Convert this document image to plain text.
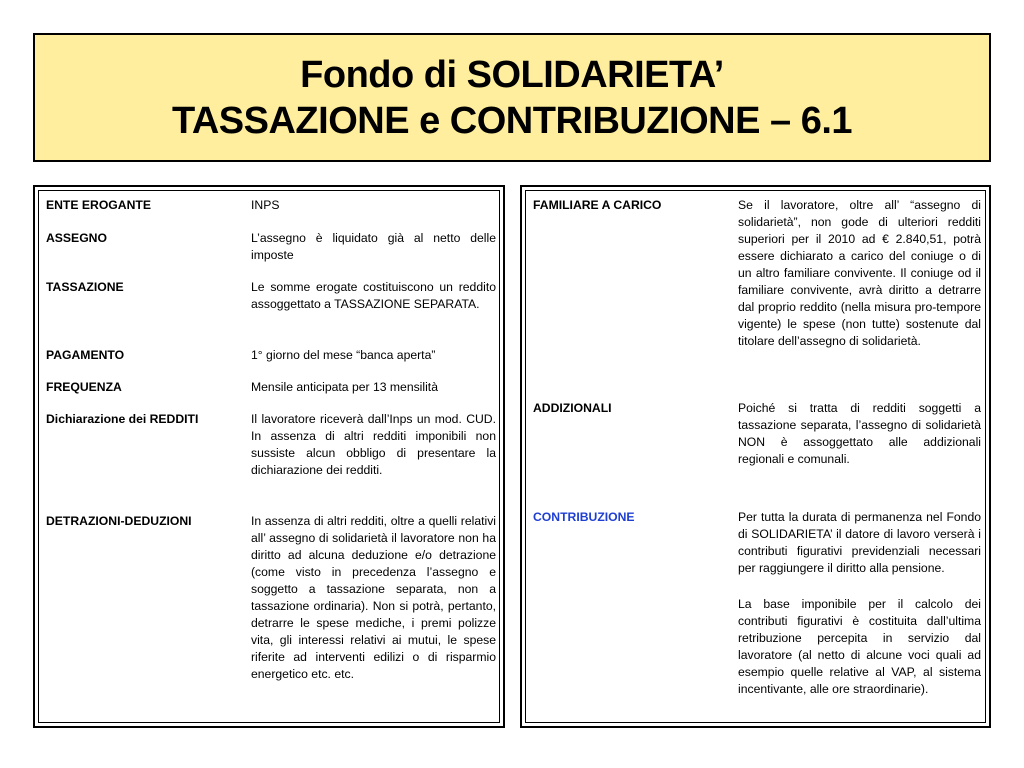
Fondo di SOLIDARIETA’
TASSAZIONE e CONTRIBUZIONE – 6.1
ENTE EROGANTE	INPS
ASSEGNO	L’assegno è liquidato già al netto delle imposte
TASSAZIONE	Le somme erogate costituiscono un reddito assoggettato a TASSAZIONE SEPARATA.
PAGAMENTO	1° giorno del mese “banca aperta”
FREQUENZA	Mensile anticipata per 13 mensilità
Dichiarazione dei REDDITI	Il lavoratore riceverà dall’Inps un mod. CUD. In assenza di altri redditi imponibili non sussiste alcun obbligo di presentare la dichiarazione dei redditi.
DETRAZIONI-DEDUZIONI	In assenza di altri redditi, oltre a quelli relativi all’ assegno di solidarietà il lavoratore non ha diritto ad alcuna deduzione e/o detrazione (come visto in precedenza l’assegno e soggetto a tassazione separata, non a tassazione ordinaria). Non si potrà, pertanto, detrarre le spese mediche, i premi polizze vita, gli interessi relativi ai mutui, le spese riferite ad interventi edilizi o di risparmio energetico etc. etc.
FAMILIARE A CARICO	Se il lavoratore, oltre all’ “assegno di solidarietà”, non gode di ulteriori redditi superiori per il 2010 ad € 2.840,51, potrà essere dichiarato a carico del coniuge o di un altro familiare convivente. Il coniuge od il familiare convivente, avrà diritto a detrarre dal proprio reddito (nella misura pro-tempore vigente) le spese (non tutte) sostenute dal titolare dell’assegno di solidarietà.
ADDIZIONALI	Poiché si tratta di redditi soggetti a tassazione separata, l’assegno di solidarietà NON è assoggettato alle addizionali regionali e comunali.
CONTRIBUZIONE	Per tutta la durata di permanenza nel Fondo di SOLIDARIETA’ il datore di lavoro verserà i contributi figurativi previdenziali necessari per raggiungere il diritto alla pensione.
La base imponibile per il calcolo dei contributi figurativi è costituita dall’ultima retribuzione percepita in servizio dal lavoratore (al netto di alcune voci quali ad esempio quelle relative al VAP, al sistema incentivante, alle ore straordinarie).
